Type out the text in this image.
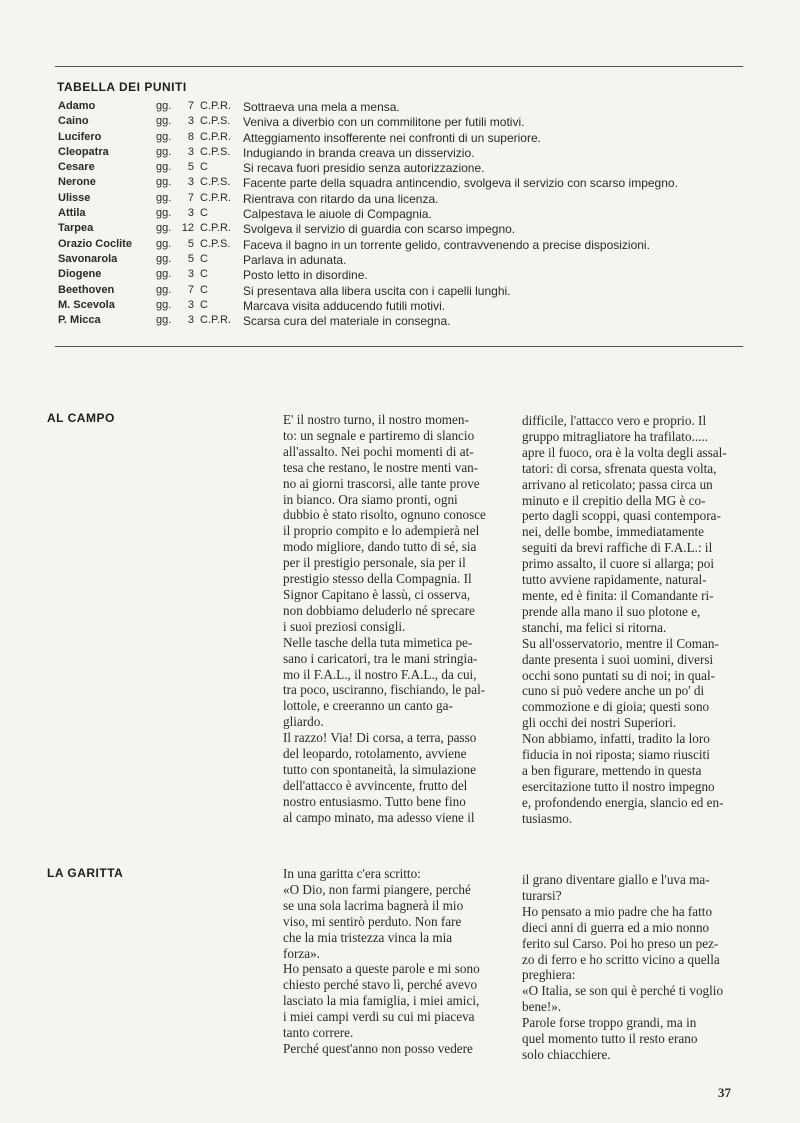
TABELLA DEI PUNITI
Adamo	gg.	7 C.P.R. Sottraeva una mela a mensa.
Caino	gg.	3 C.P.S. Veniva a diverbio con un commilitone per futili motivi.
Lucifero	gg.	8 C.P.R. Atteggiamento insofferente nei confronti di un superiore.
Cleopatra	gg.	3 C.P.S. Indugiando in branda creava un disservizio.
Cesare	gg.	5 C	Si recava fuori presidio senza autorizzazione.
Nerone	gg.	3 C.P.S. Facente parte della squadra antincendio, svolgeva il servizio con scarso impegno.
Ulisse	gg.	7 C.P.R. Rientrava con ritardo da una licenza.
Attila	gg.	3 C	Calpestava le aiuole di Compagnia.
Tarpea	gg. 12 C.P.R. Svolgeva il servizio di guardia con scarso impegno.
Orazio Coclite gg.	5 C.P.S. Faceva il bagno in un torrente gelido, contravvenendo a precise disposizioni.
Savonarola	gg.	5 C	Parlava in adunata.
Diogene	gg.	3 C	Posto letto in disordine.
Beethoven	gg.	7 C	Si presentava alla libera uscita con i capelli lunghi.
M. Scevola	gg.	3 C	Marcava visita adducendo futili motivi.
P. Micca	gg.	3 C.P.R. Scarsa cura del materiale in consegna.
AL CAMPO	E' il nostro turno, il nostro momen-

to: un segnale e partiremo di slancio

all'assalto. Nei pochi momenti di at-

tesa che restano, le nostre menti van-

no ai giorni trascorsi, alle tante prove

in bianco. Ora siamo pronti, ogni

dubbio è stato risolto, ognuno conosce

il proprio compito e lo adempierà nel

modo migliore, dando tutto di sé, sia

per il prestigio personale, sia per il

prestigio stesso della Compagnia. Il

Signor Capitano è lassù, ci osserva,

non dobbiamo deluderlo né sprecare

i suoi preziosi consigli.

Nelle tasche della tuta mimetica pe-

sano i caricatori, tra le mani stringia-

mo il F.A.L., il nostro F.A.L., da cui,

tra poco, usciranno, fischiando, le pal-

lottole, e creeranno un canto ga-

gliardo.

Il razzo! Via! Di corsa, a terra, passo

del leopardo, rotolamento, avviene

tutto con spontaneità, la simulazione

dell'attacco è avvincente, frutto del

nostro entusiasmo. Tutto bene fino

al campo minato, ma adesso viene il

difficile, l'attacco vero e proprio. Il

gruppo mitragliatore ha trafilato.....

apre il fuoco, ora è la volta degli assal-

tatori: di corsa, sfrenata questa volta,

arrivano al reticolato; passa circa un

minuto e il crepitio della MG è co-

perto dagli scoppi, quasi contempora-

nei, delle bombe, immediatamente

seguiti da brevi raffiche di F.A.L.: il

primo assalto, il cuore si allarga; poi

tutto avviene rapidamente, natural-

mente, ed è finita: il Comandante ri-

prende alla mano il suo plotone e,

stanchi, ma felici si ritorna.

Su all'osservatorio, mentre il Coman-

dante presenta i suoi uomini, diversi

occhi sono puntati su di noi; in qual-

cuno si può vedere anche un po' di

commozione e di gioia; questi sono

gli occhi dei nostri Superiori.

Non abbiamo, infatti, tradito la loro

fiducia in noi riposta; siamo riusciti

a ben figurare, mettendo in questa

esercitazione tutto il nostro impegno

e, profondendo energia, slancio ed en-

tusiasmo.

LA GARITTA	In una garitta c'era scritto:

«O Dio, non farmi piangere, perché

se una sola lacrima bagnerà il mio

viso, mi sentirò perduto. Non fare

che la mia tristezza vinca la mia

forza».

Ho pensato a queste parole e mi sono

chiesto perché stavo lì, perché avevo

lasciato la mia famiglia, i miei amici,

i miei campi verdi su cui mi piaceva

tanto correre.

Perché quest'anno non posso vedere

il grano diventare giallo e l'uva ma-

turarsi?

Ho pensato a mio padre che ha fatto

dieci anni di guerra ed a mio nonno

ferito sul Carso. Poi ho preso un pez-

zo di ferro e ho scritto vicino a quella

preghiera:

«O Italia, se son qui è perché ti voglio

bene!».

Parole forse troppo grandi, ma in

quel momento tutto il resto erano

solo chiacchiere.

37
